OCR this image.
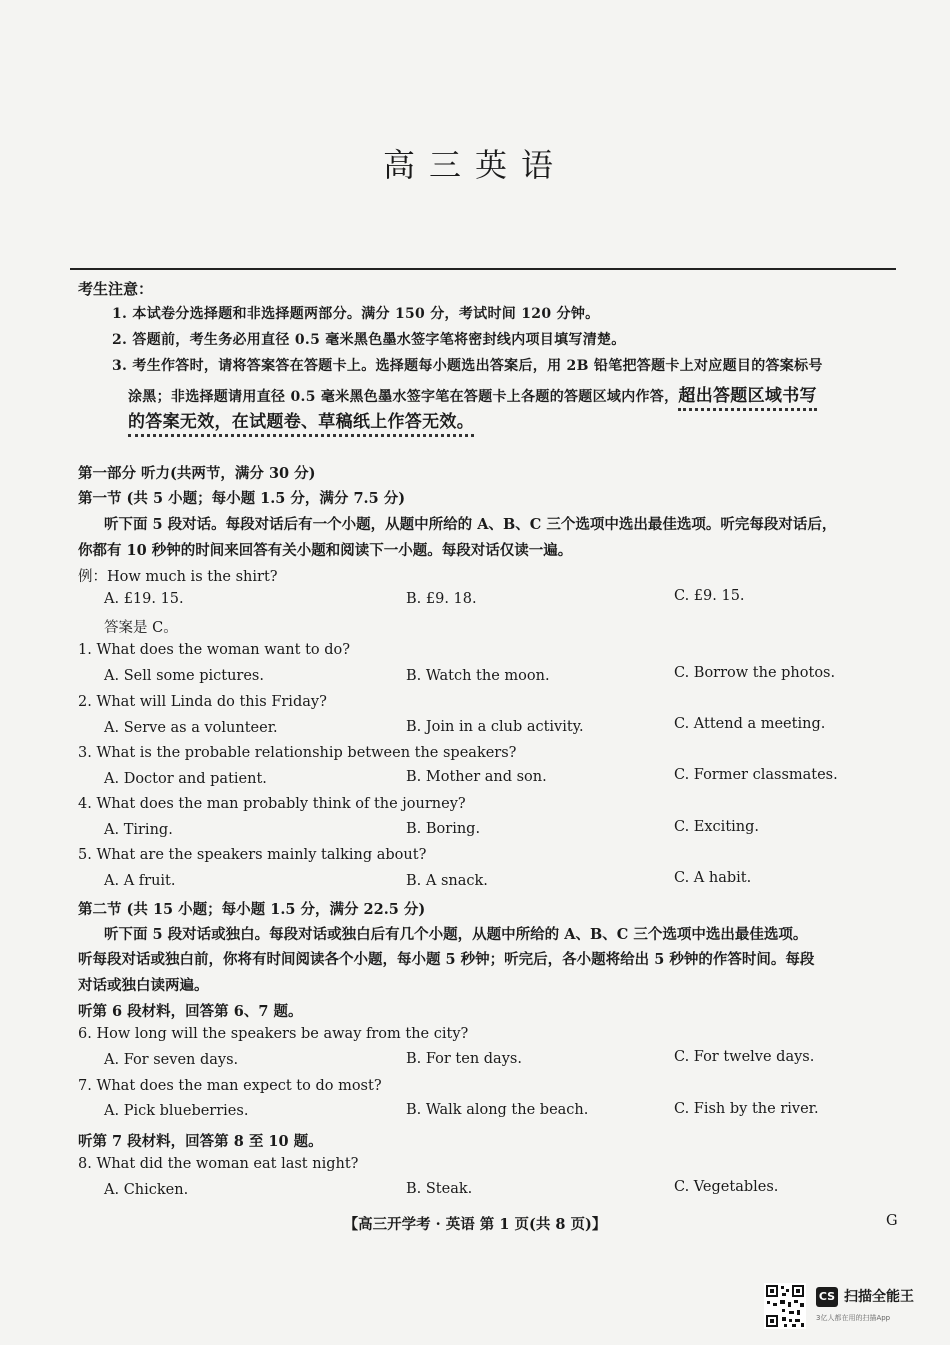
高三英语
考生注意：
1. 本试卷分选择题和非选择题两部分。满分 150 分，考试时间 120 分钟。
2. 答题前，考生务必用直径 0.5 毫米黑色墨水签字笔将密封线内项目填写清楚。
3. 考生作答时，请将答案答在答题卡上。选择题每小题选出答案后，用 2B 铅笔把答题卡上对应题目的答案标号
涂黑；非选择题请用直径 0.5 毫米黑色墨水签字笔在答题卡上各题的答题区域内作答，超出答题区域书写
的答案无效，在试题卷、草稿纸上作答无效。
第一部分 听力(共两节，满分 30 分)
第一节 (共 5 小题；每小题 1.5 分，满分 7.5 分)
听下面 5 段对话。每段对话后有一个小题，从题中所给的 A、B、C 三个选项中选出最佳选项。听完每段对话后，
你都有 10 秒钟的时间来回答有关小题和阅读下一小题。每段对话仅读一遍。
例：How much is the shirt?
A. £19. 15.	B. £9. 18.	C. £9. 15.
答案是 C。
1. What does the woman want to do?
A. Sell some pictures.	B. Watch the moon.	C. Borrow the photos.
2. What will Linda do this Friday?
A. Serve as a volunteer.	B. Join in a club activity.	C. Attend a meeting.
3. What is the probable relationship between the speakers?
A. Doctor and patient.	B. Mother and son.	C. Former classmates.
4. What does the man probably think of the journey?
A. Tiring.	B. Boring.	C. Exciting.
5. What are the speakers mainly talking about?
A. A fruit.	B. A snack.	C. A habit.
第二节 (共 15 小题；每小题 1.5 分，满分 22.5 分)
听下面 5 段对话或独白。每段对话或独白后有几个小题，从题中所给的 A、B、C 三个选项中选出最佳选项。
听每段对话或独白前，你将有时间阅读各个小题，每小题 5 秒钟；听完后，各小题将给出 5 秒钟的作答时间。每段
对话或独白读两遍。
听第 6 段材料，回答第 6、7 题。
6. How long will the speakers be away from the city?
A. For seven days.	B. For ten days.	C. For twelve days.
7. What does the man expect to do most?
A. Pick blueberries.	B. Walk along the beach.	C. Fish by the river.
听第 7 段材料，回答第 8 至 10 题。
8. What did the woman eat last night?
A. Chicken.	B. Steak.	C. Vegetables.
【高三开学考 · 英语 第 1 页(共 8 页)】	G
CS 扫描全能王
3亿人都在用的扫描App
